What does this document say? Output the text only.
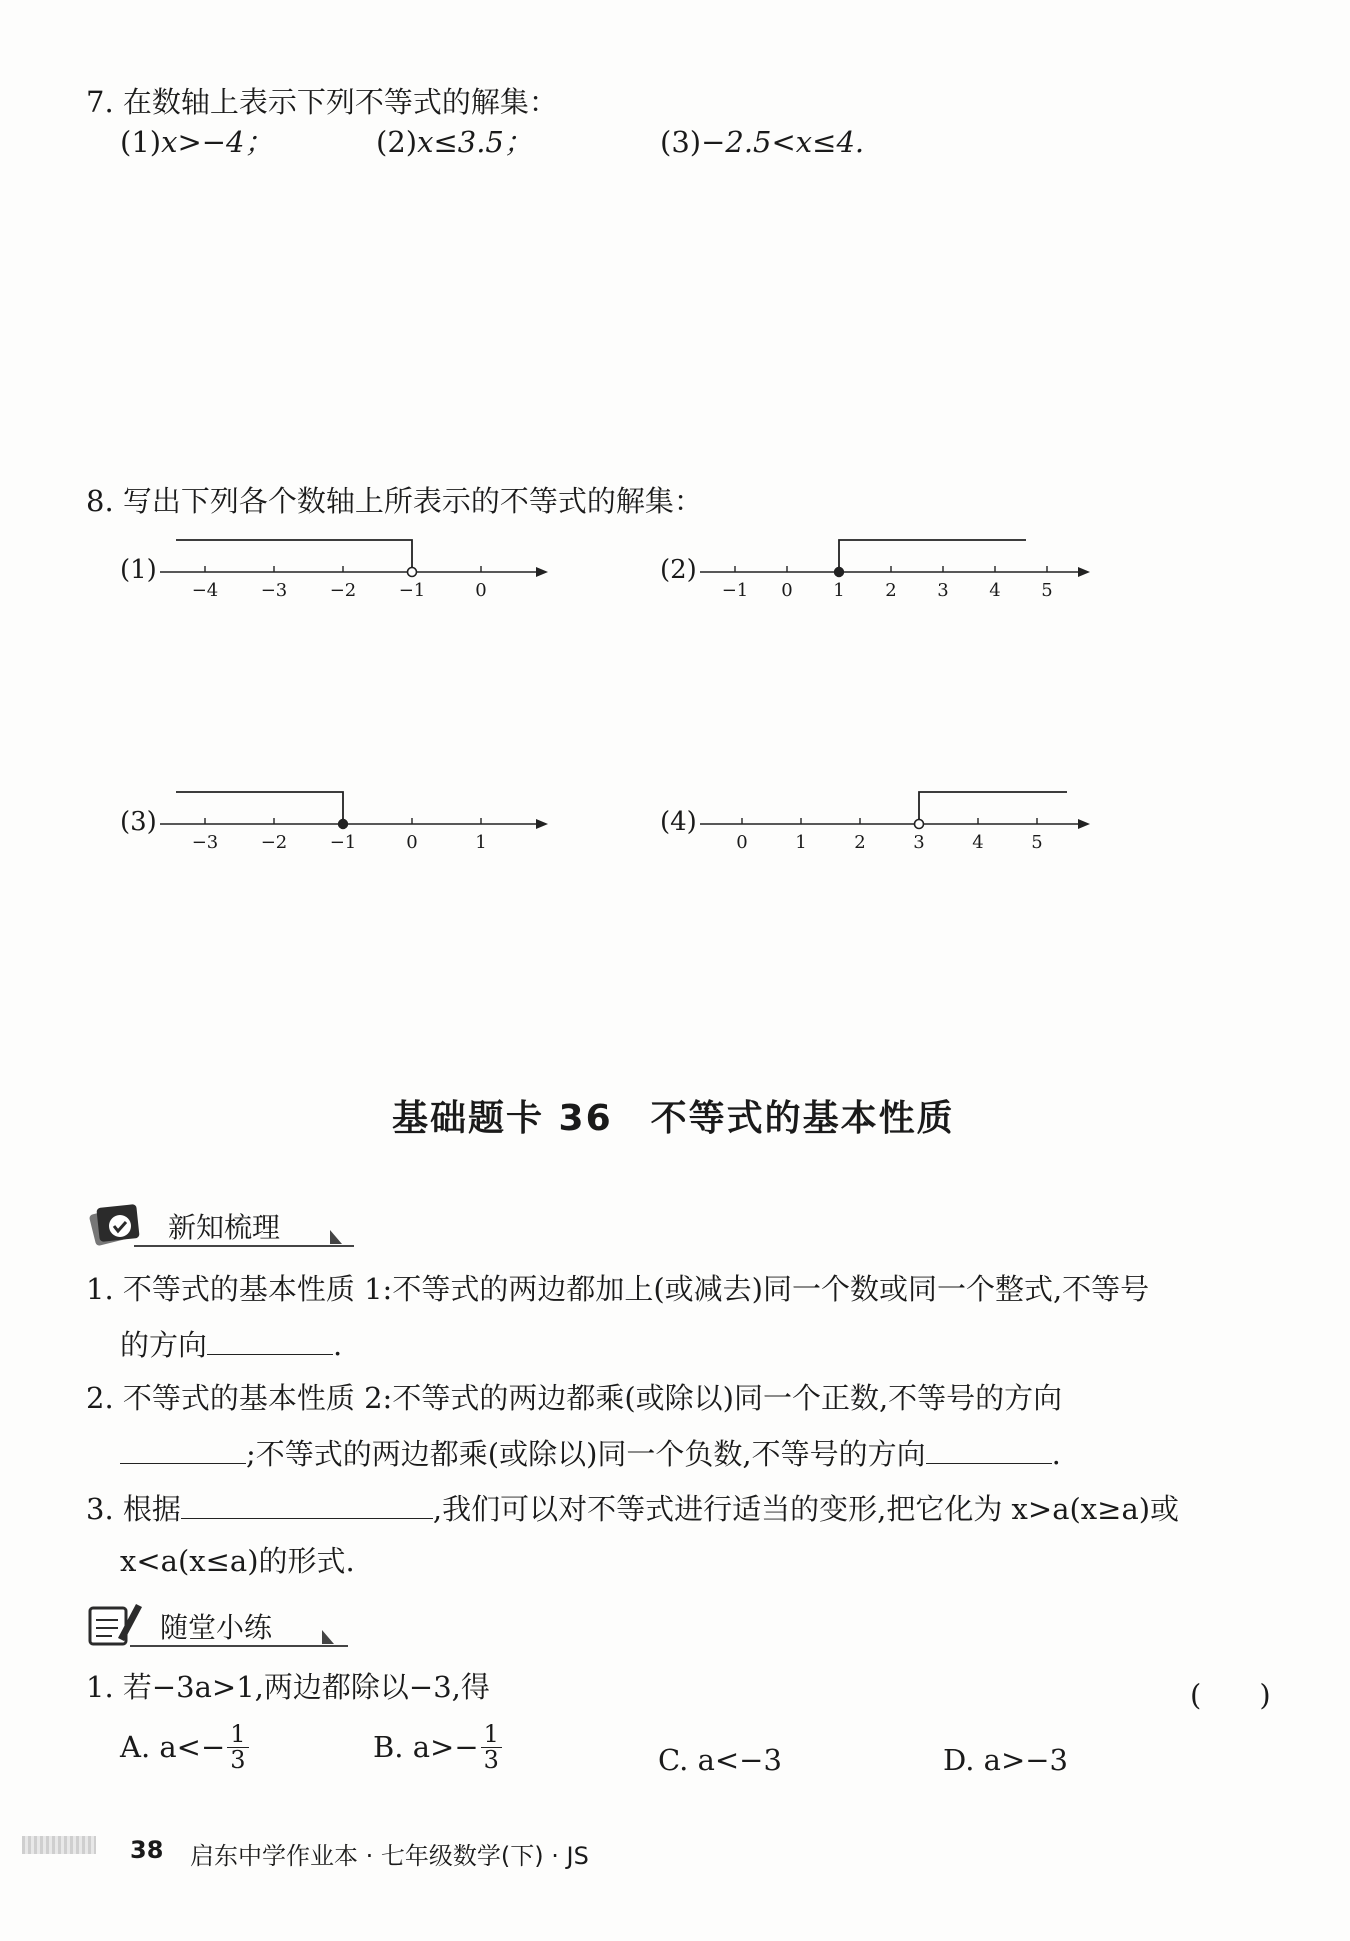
7. 在数轴上表示下列不等式的解集：
(1)x>−4；	(2)x≤3.5；	(3)−2.5<x≤4.
8. 写出下列各个数轴上所表示的不等式的解集：
(1)
−4 −3 −2 −1	0
(2)
−1 0 1 2 3 4 5
(3)
−3 −2 −1	0	1
(4)
0	1	2	3	4	5
基础题卡 36　不等式的基本性质
新知梳理
1. 不等式的基本性质 1:不等式的两边都加上(或减去)同一个数或同一个整式,不等号
的方向	.
2. 不等式的基本性质 2:不等式的两边都乘(或除以)同一个正数,不等号的方向
;不等式的两边都乘(或除以)同一个负数,不等号的方向	.
3. 根据	,我们可以对不等式进行适当的变形,把它化为 x>a(x≥a)或
x<a(x≤a)的形式.
随堂小练
1. 若−3a>1,两边都除以−3,得	(　　)
A. $a<- \frac{1}{3}$	B. $a>- \frac{1}{3}$	C. a<−3	D. a>−3
38 启东中学作业本 · 七年级数学(下) · JS
